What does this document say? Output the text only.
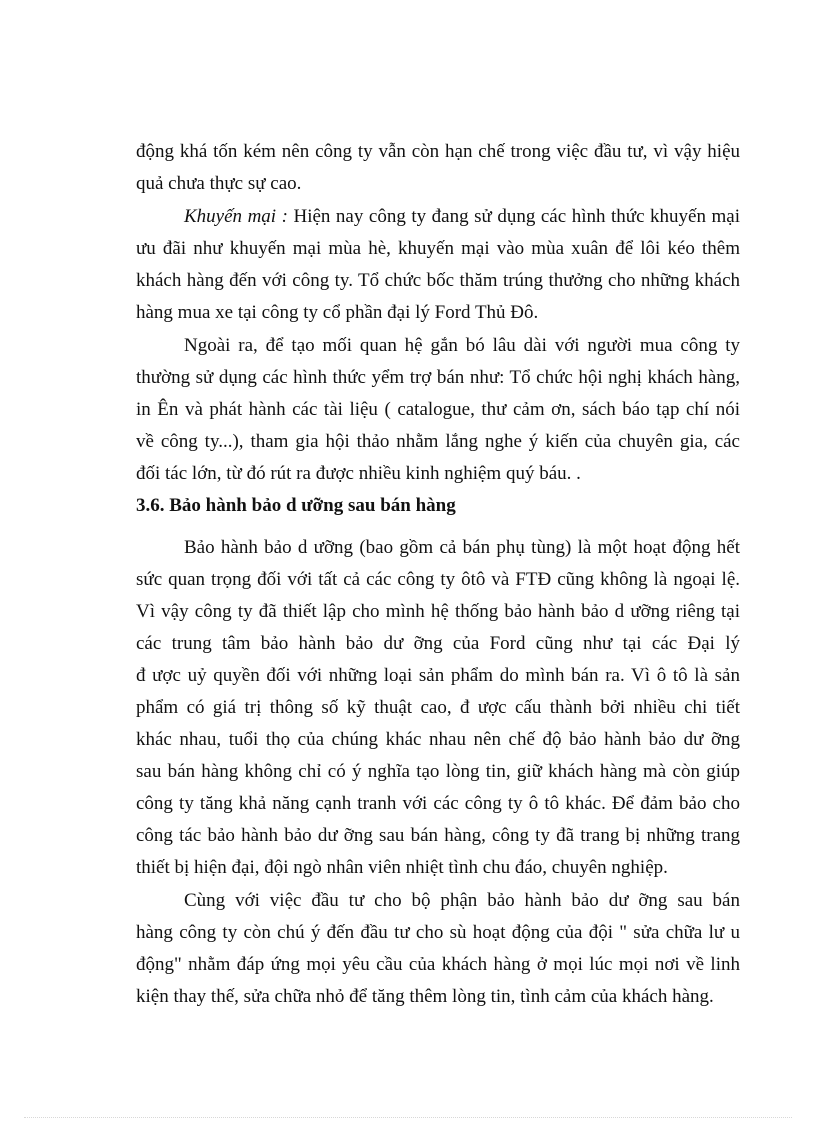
động khá tốn kém nên công ty vẫn còn hạn chế trong việc đầu tư, vì vậy hiệu
quả chưa thực sự cao.
Khuyến mại : Hiện nay công ty đang sử dụng các hình thức khuyến mại
ưu đãi như khuyến mại mùa hè, khuyến mại vào mùa xuân để lôi kéo thêm
khách hàng đến với công ty. Tổ chức bốc thăm trúng thưởng cho những khách
hàng mua xe tại công ty cổ phần đại lý Ford Thủ Đô.
Ngoài ra, để tạo mối quan hệ gắn bó lâu dài với người mua công ty
thường sử dụng các hình thức yểm trợ bán như: Tổ chức hội nghị khách hàng,
in Ên và phát hành các tài liệu ( catalogue, thư cảm ơn, sách báo tạp chí nói
về công ty...), tham gia hội thảo nhằm lắng nghe ý kiến của chuyên gia, các
đối tác lớn, từ đó rút ra được nhiều kinh nghiệm quý báu. .
3.6. Bảo hành bảo d ưỡng sau bán hàng
Bảo hành bảo d ưỡng (bao gồm cả bán phụ tùng) là một hoạt động hết
sức quan trọng đối với tất cả các công ty ôtô và FTĐ cũng không là ngoại lệ.
Vì vậy công ty đã thiết lập cho mình hệ thống bảo hành bảo d ưỡng riêng tại
các trung tâm bảo hành bảo dư ỡng của Ford cũng như tại các Đại lý
đ ược uỷ quyền đối với những loại sản phẩm do mình bán ra. Vì ô tô là sản
phẩm có giá trị thông số kỹ thuật cao, đ ược cấu thành bởi nhiều chi tiết
khác nhau, tuổi thọ của chúng khác nhau nên chế độ bảo hành bảo dư ỡng
sau bán hàng không chỉ có ý nghĩa tạo lòng tin, giữ khách hàng mà còn giúp
công ty tăng khả năng cạnh tranh với các công ty ô tô khác. Để đảm bảo cho
công tác bảo hành bảo dư ỡng sau bán hàng, công ty đã trang bị những trang
thiết bị hiện đại, đội ngò nhân viên nhiệt tình chu đáo, chuyên nghiệp.
Cùng với việc đầu tư cho bộ phận bảo hành bảo dư ỡng sau bán
hàng công ty còn chú ý đến đầu tư cho sù hoạt động của đội " sửa chữa lư u
động" nhằm đáp ứng mọi yêu cầu của khách hàng ở mọi lúc mọi nơi về linh
kiện thay thế, sửa chữa nhỏ để tăng thêm lòng tin, tình cảm của khách hàng.
